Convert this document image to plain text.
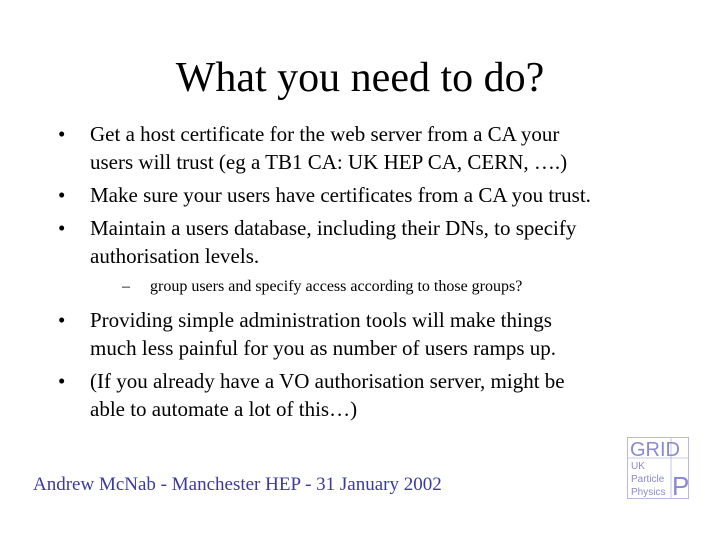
What you need to do?
•	Get a host certificate for the web server from a CA your
users will trust (eg a TB1 CA: UK HEP CA, CERN, ….)
•	Make sure your users have certificates from a CA you trust.
•	Maintain a users database, including their DNs, to specify
authorisation levels.
–	group users and specify access according to those groups?
•	Providing simple administration tools will make things
much less painful for you as number of users ramps up.
•	(If you already have a VO authorisation server, might be
able to automate a lot of this…)
Andrew McNab - Manchester HEP - 31 January 2002
GRID
UK
Particle
Physics P
